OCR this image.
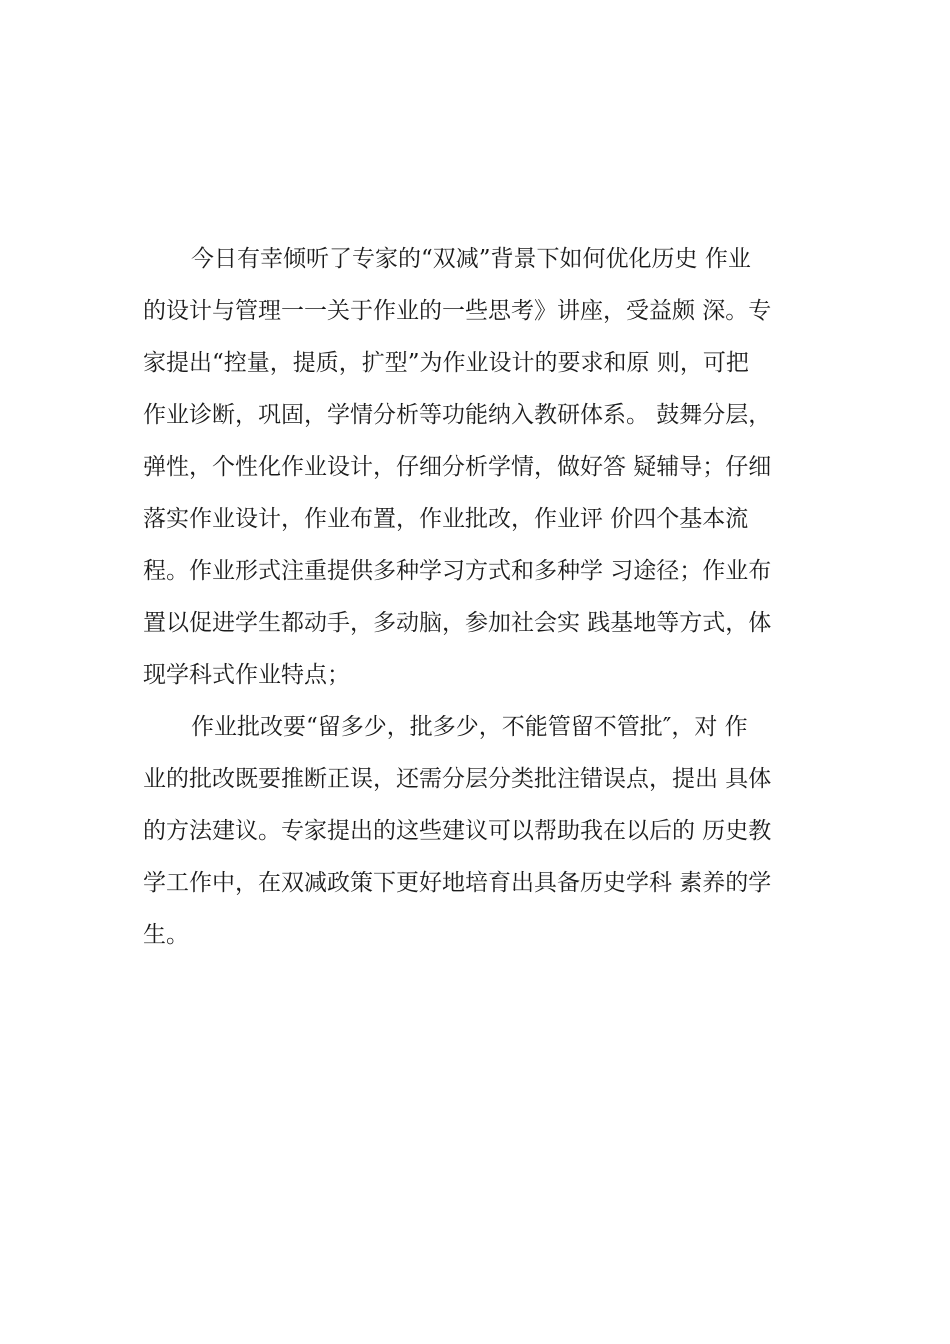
今日有幸倾听了专家的“双减”背景下如何优化历史 作业
的设计与管理一一关于作业的一些思考》讲座，受益颇 深。专
家提出“控量，提质，扩型”为作业设计的要求和原 则，可把
作业诊断，巩固，学情分析等功能纳入教研体系。 鼓舞分层，
弹性，个性化作业设计，仔细分析学情，做好答 疑辅导；仔细
落实作业设计，作业布置，作业批改，作业评 价四个基本流
程。作业形式注重提供多种学习方式和多种学 习途径；作业布
置以促进学生都动手，多动脑，参加社会实 践基地等方式，体
现学科式作业特点；
作业批改要“留多少，批多少，不能管留不管批″，对 作
业的批改既要推断正误，还需分层分类批注错误点，提出 具体
的方法建议。专家提出的这些建议可以帮助我在以后的 历史教
学工作中，在双减政策下更好地培育出具备历史学科 素养的学
生。
